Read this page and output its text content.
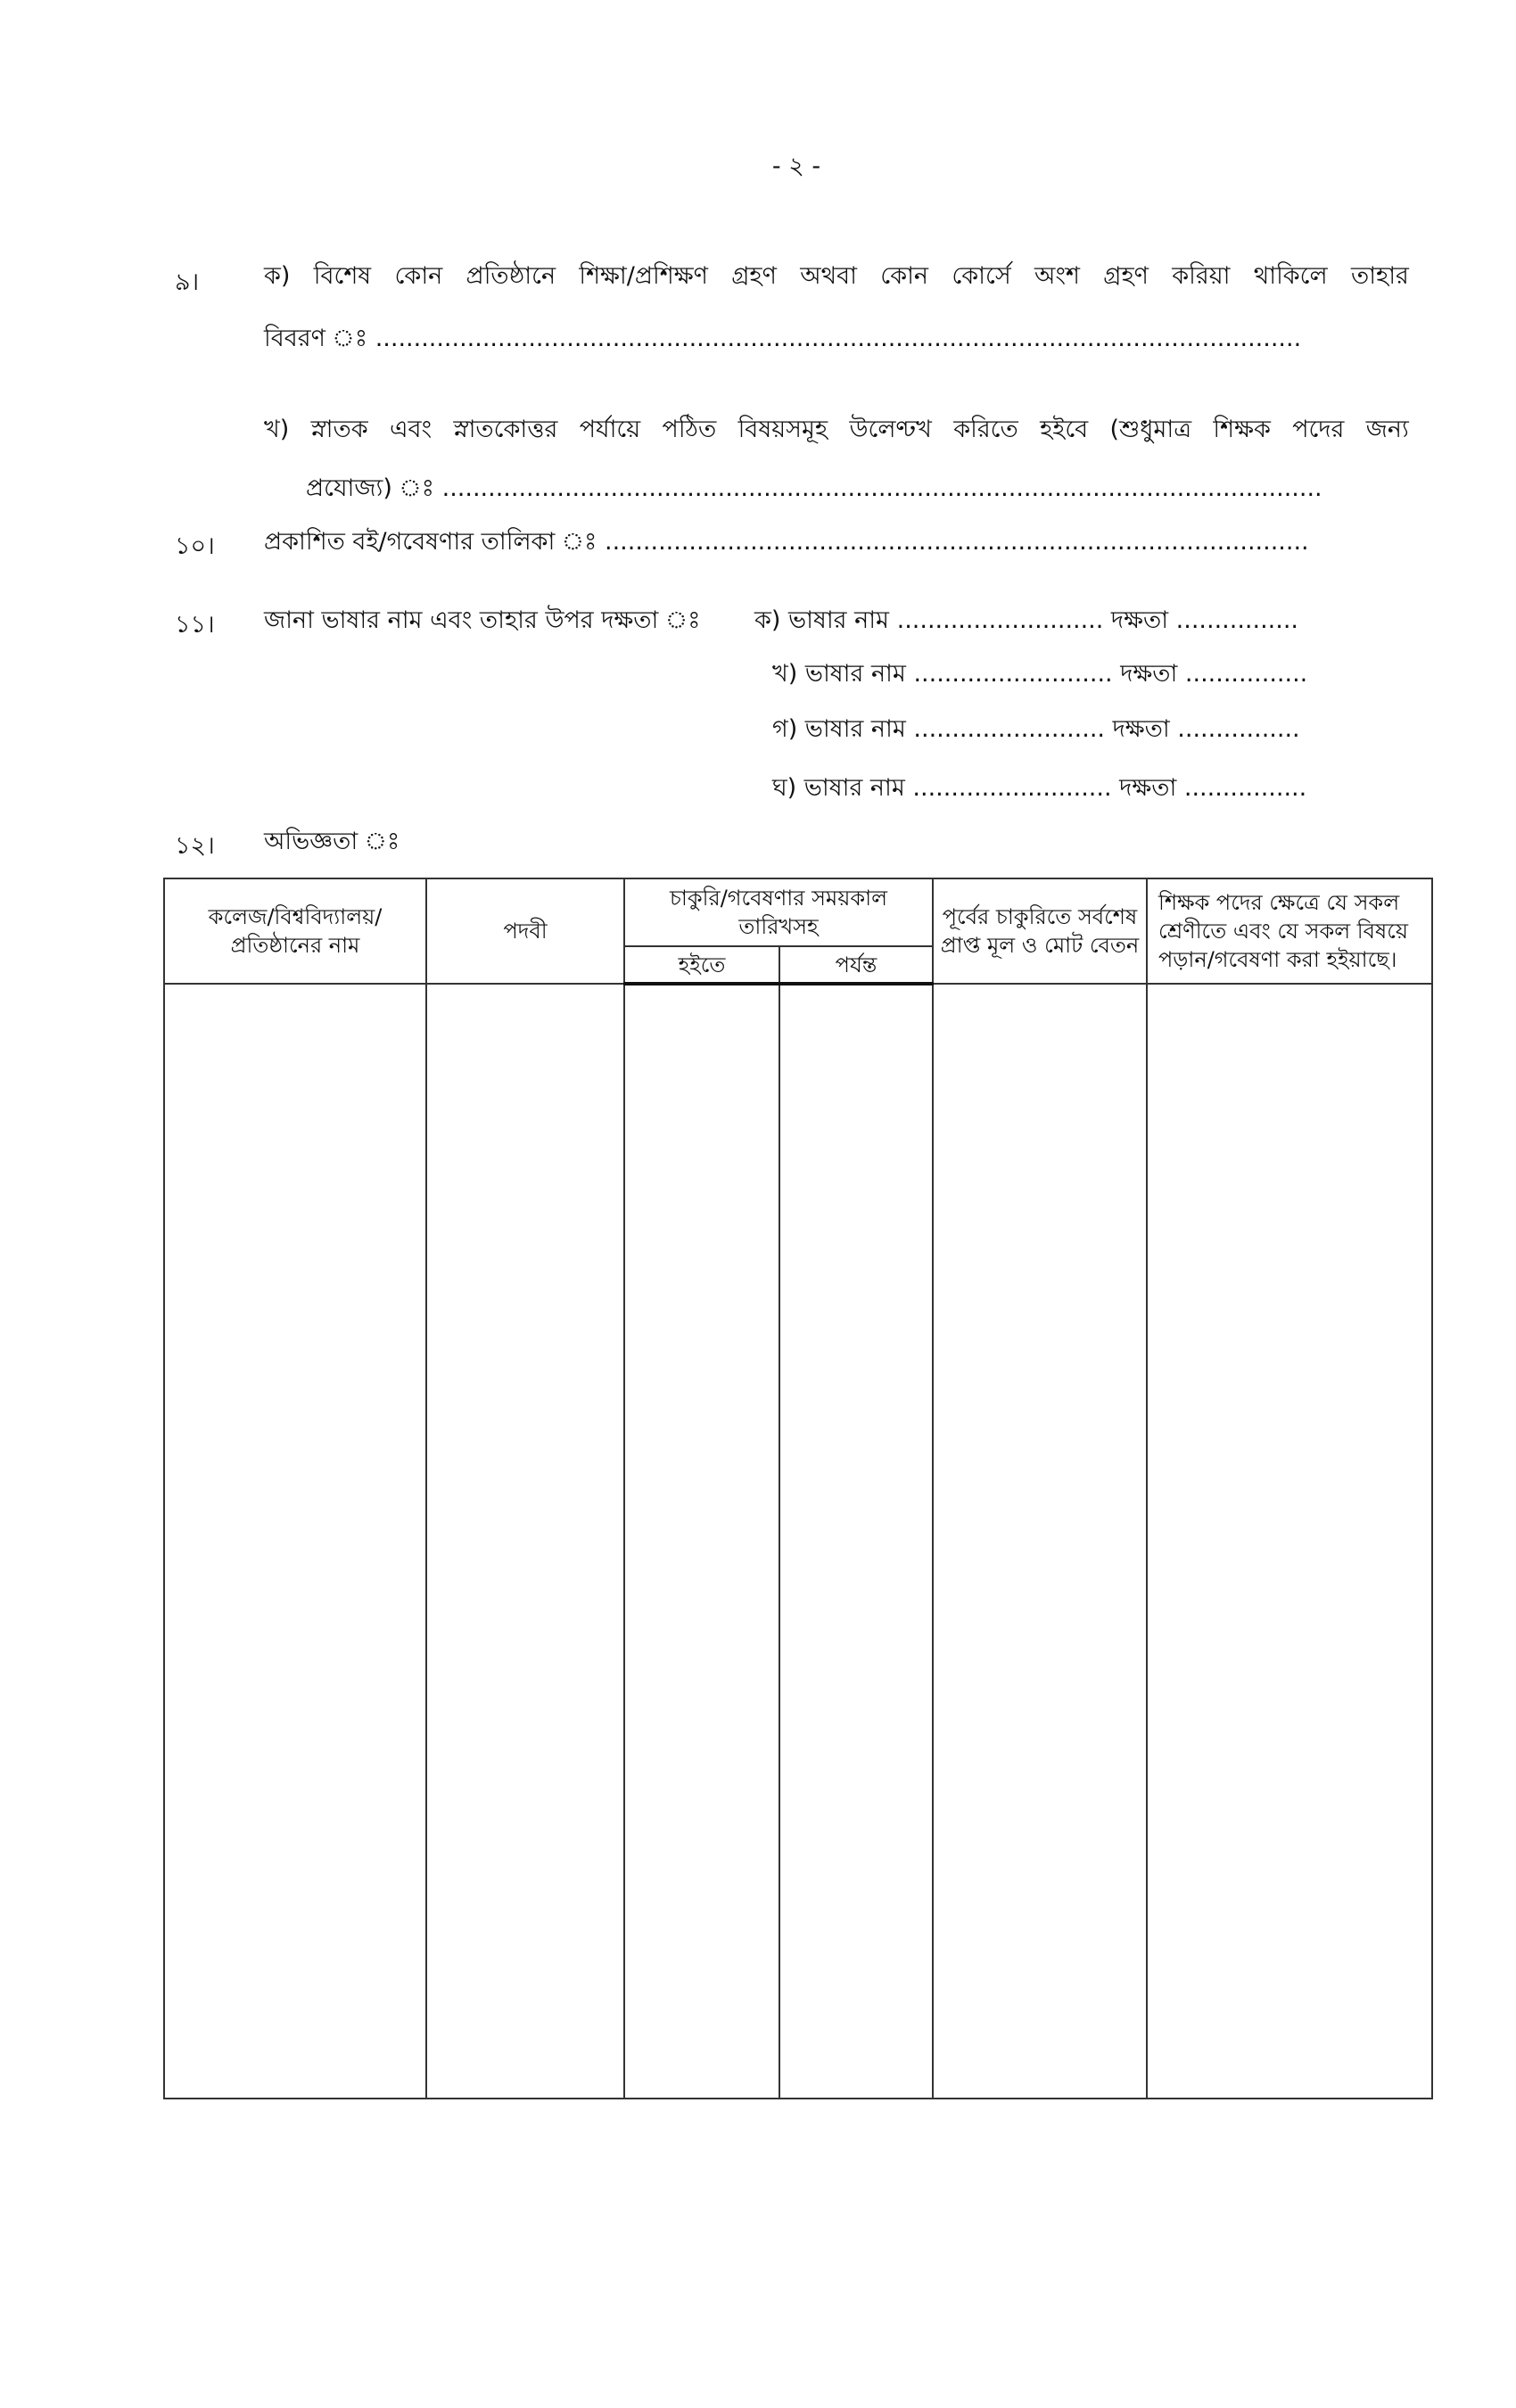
- ২ -
৯।	ক) বিশেষ কোন প্রতিষ্ঠানে শিক্ষা/প্রশিক্ষণ গ্রহণ অথবা কোন কোর্সে অংশ গ্রহণ করিয়া থাকিলে তাহার
বিবরণ ঃ .........................................................................................................................
খ) স্নাতক এবং স্নাতকোত্তর পর্যায়ে পঠিত বিষয়সমূহ উলেণ্ঢখ করিতে হইবে (শুধুমাত্র শিক্ষক পদের জন্য
প্রযোজ্য) ঃ ...................................................................................................................
১০। প্রকাশিত বই/গবেষণার তালিকা ঃ ............................................................................................
১১। জানা ভাষার নাম এবং তাহার উপর দক্ষতা ঃ ক) ভাষার নাম ........................... দক্ষতা ................
খ) ভাষার নাম .......................... দক্ষতা ................
গ) ভাষার নাম ......................... দক্ষতা ................
ঘ) ভাষার নাম .......................... দক্ষতা ................
১২। অভিজ্ঞতা ঃ
কলেজ/বিশ্ববিদ্যালয়/ প্রতিষ্ঠানের নাম	পদবী	চাকুরি/গবেষণার সময়কাল তারিখসহ		পূর্বের চাকুরিতে সর্বশেষ প্রাপ্ত মূল ও মোট বেতন	শিক্ষক পদের ক্ষেত্রে যে সকল শ্রেণীতে এবং যে সকল বিষয়ে পড়ান/গবেষণা করা হইয়াছে।
		হইতে	পর্যন্ত		
